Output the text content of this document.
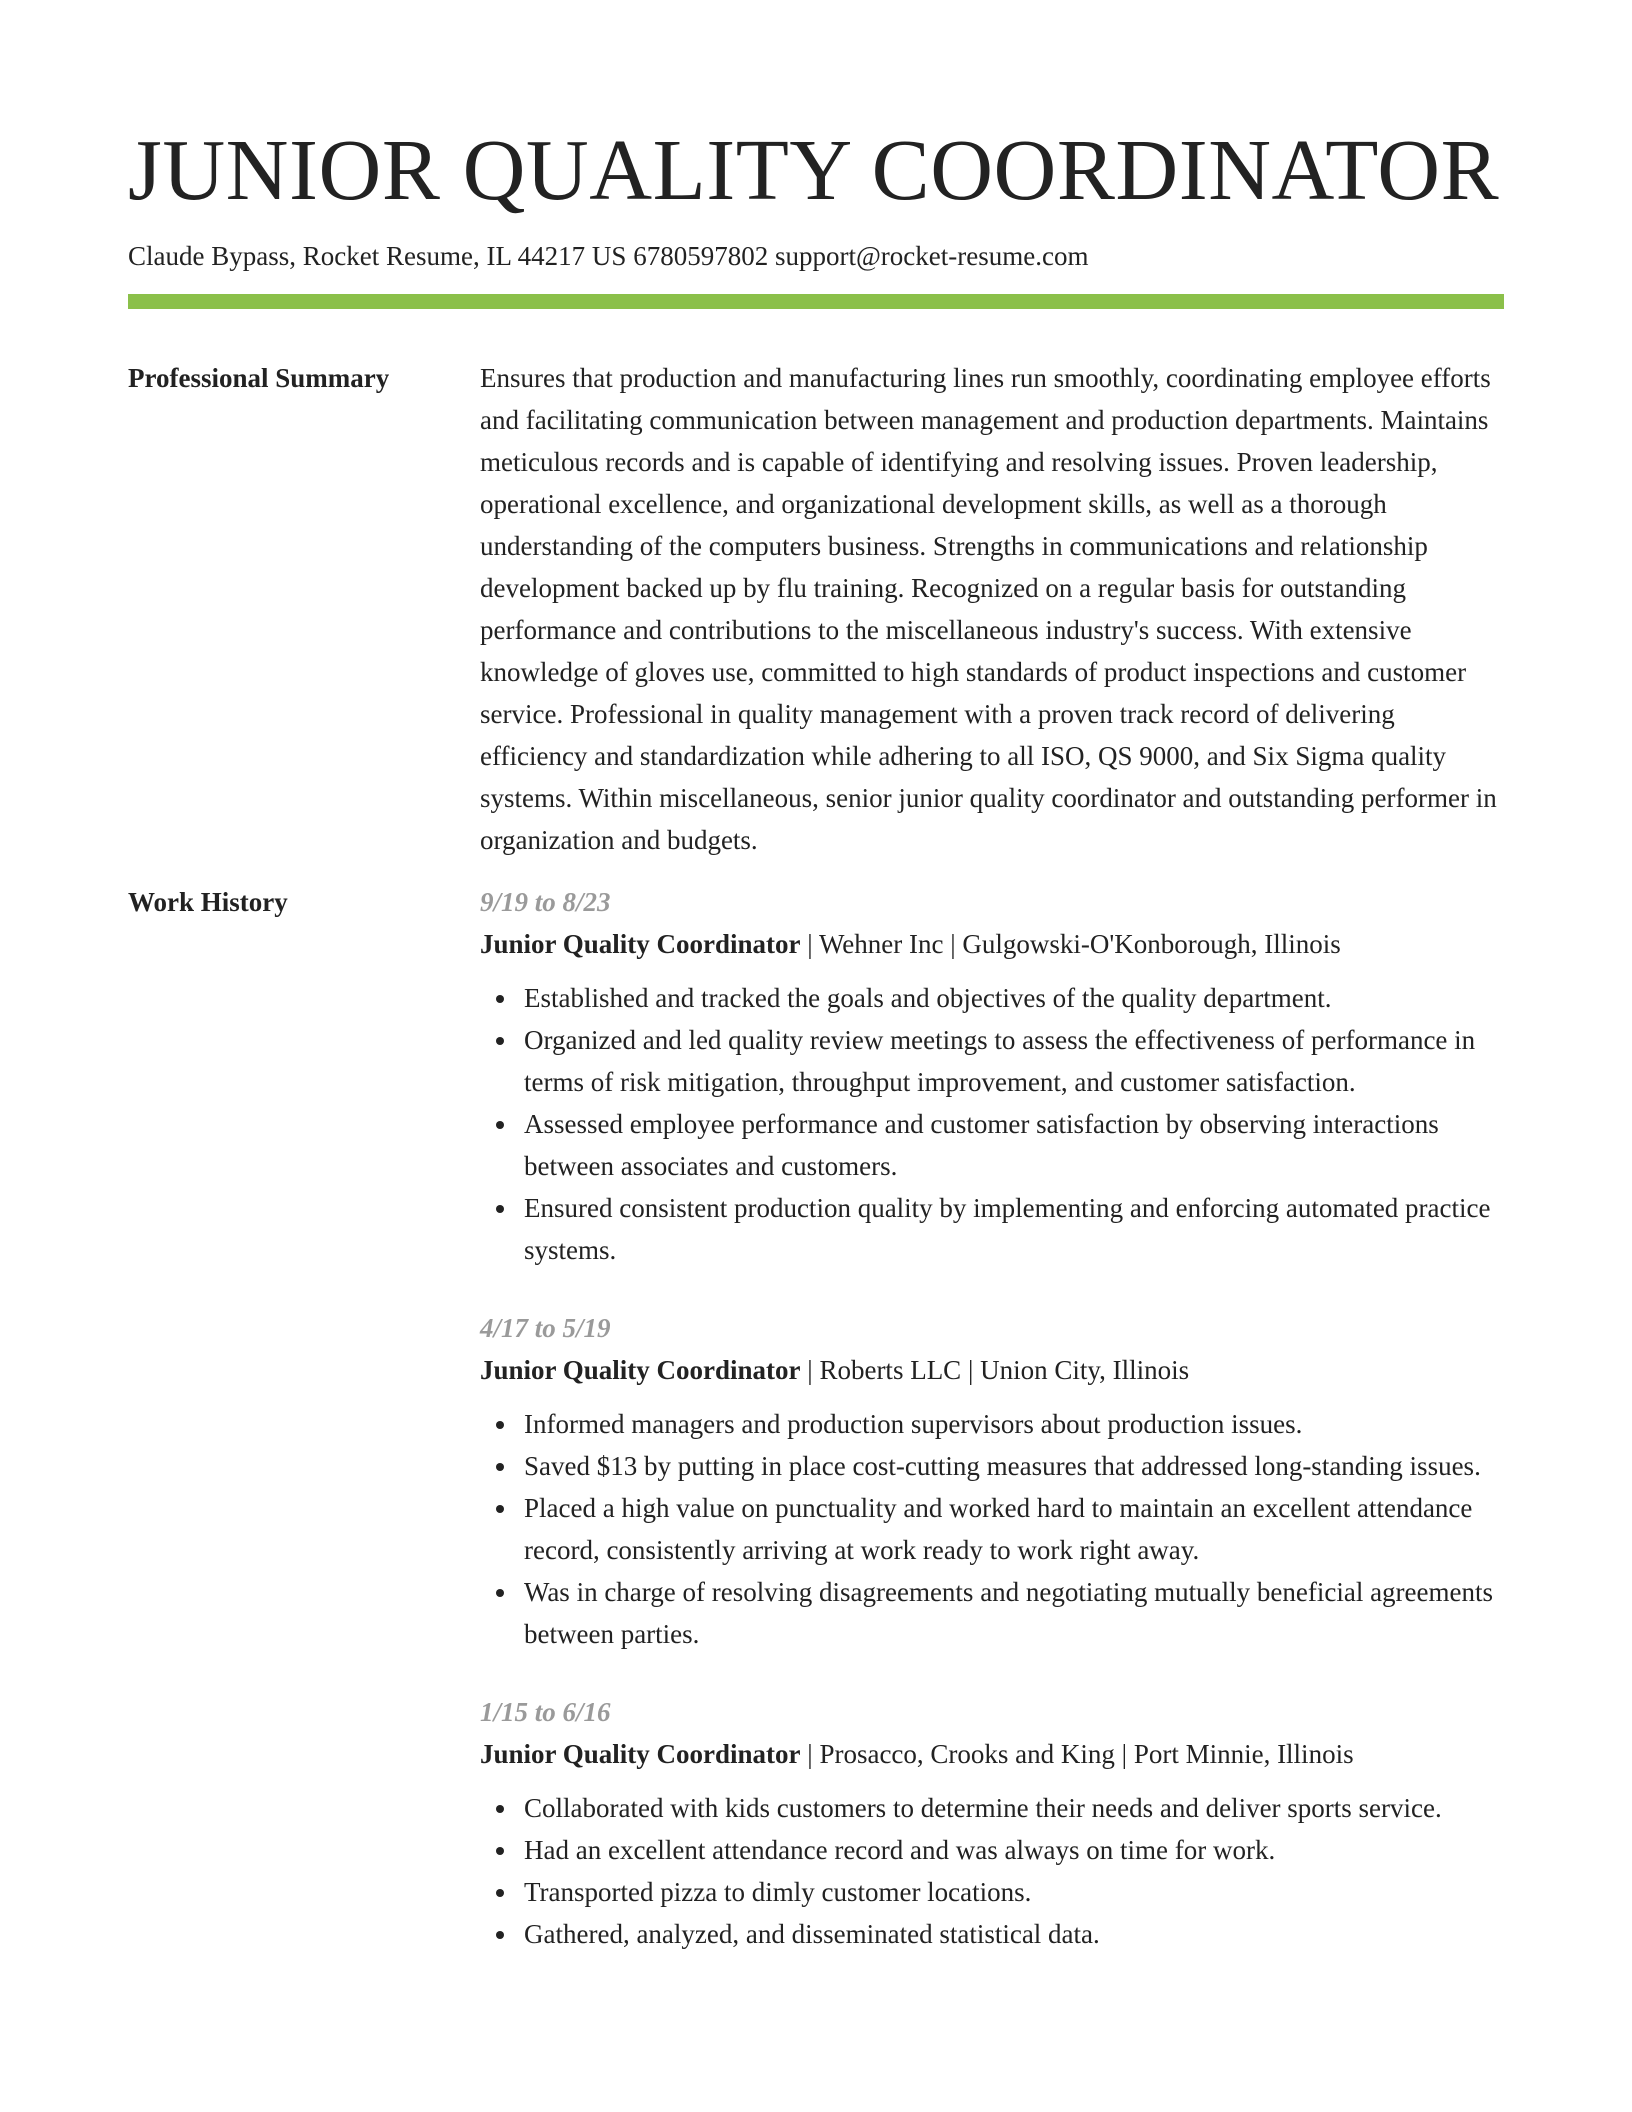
JUNIOR QUALITY COORDINATOR
Claude Bypass, Rocket Resume, IL 44217 US 6780597802 support@rocket-resume.com
Professional Summary	Ensures that production and manufacturing lines run smoothly, coordinating employee efforts and facilitating communication between management and production departments. Maintains meticulous records and is capable of identifying and resolving issues. Proven leadership, operational excellence, and organizational development skills, as well as a thorough understanding of the computers business. Strengths in communications and relationship development backed up by flu training. Recognized on a regular basis for outstanding performance and contributions to the miscellaneous industry's success. With extensive knowledge of gloves use, committed to high standards of product inspections and customer service. Professional in quality management with a proven track record of delivering efficiency and standardization while adhering to all ISO, QS 9000, and Six Sigma quality systems. Within miscellaneous, senior junior quality coordinator and outstanding performer in organization and budgets.

Work History	9/19 to 8/23
Junior Quality Coordinator | Wehner Inc | Gulgowski-O'Konborough, Illinois
Established and tracked the goals and objectives of the quality department.
Organized and led quality review meetings to assess the effectiveness of performance in terms of risk mitigation, throughput improvement, and customer satisfaction.
Assessed employee performance and customer satisfaction by observing interactions between associates and customers.
Ensured consistent production quality by implementing and enforcing automated practice systems.
4/17 to 5/19
Junior Quality Coordinator | Roberts LLC | Union City, Illinois
Informed managers and production supervisors about production issues.
Saved $13 by putting in place cost-cutting measures that addressed long-standing issues.
Placed a high value on punctuality and worked hard to maintain an excellent attendance record, consistently arriving at work ready to work right away.
Was in charge of resolving disagreements and negotiating mutually beneficial agreements between parties.
1/15 to 6/16
Junior Quality Coordinator | Prosacco, Crooks and King | Port Minnie, Illinois
Collaborated with kids customers to determine their needs and deliver sports service.
Had an excellent attendance record and was always on time for work.
Transported pizza to dimly customer locations.
Gathered, analyzed, and disseminated statistical data.
